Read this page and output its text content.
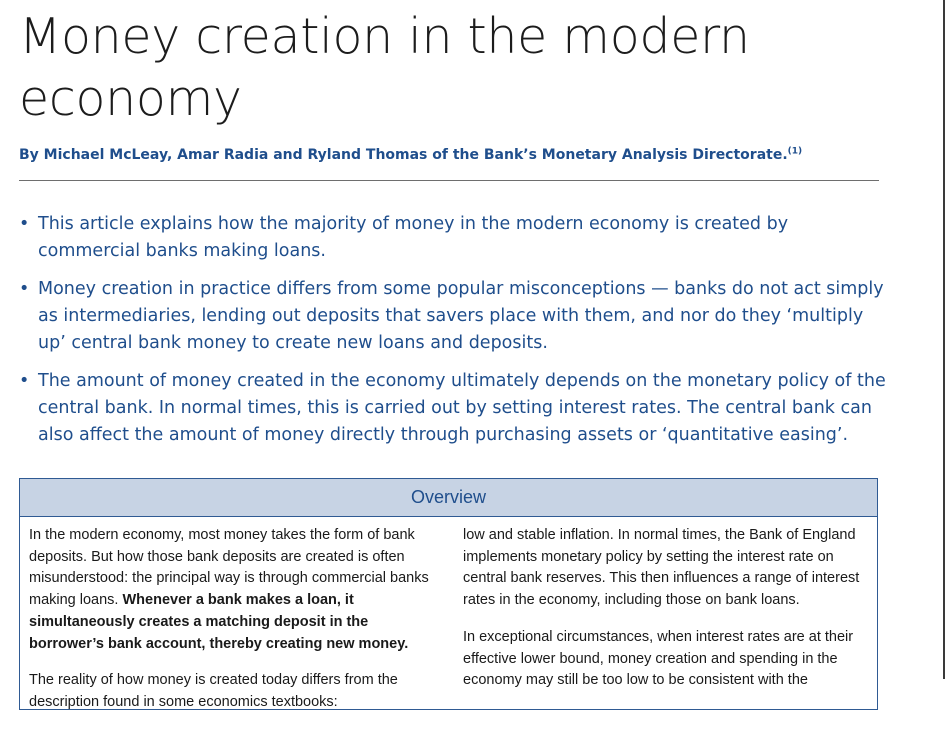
Money creation in the modern
economy
By Michael McLeay, Amar Radia and Ryland Thomas of the Bank’s Monetary Analysis Directorate.$^{(1)}$
• This article explains how the majority of money in the modern economy is created by commercial banks making loans.
• Money creation in practice differs from some popular misconceptions — banks do not act simply as intermediaries, lending out deposits that savers place with them, and nor do they ‘multiply up’ central bank money to create new loans and deposits.
• The amount of money created in the economy ultimately depends on the monetary policy of the central bank. In normal times, this is carried out by setting interest rates. The central bank can also affect the amount of money directly through purchasing assets or ‘quantitative easing’.
Overview

In the modern economy, most money takes the form of bank deposits. But how those bank deposits are created is often misunderstood: the principal way is through commercial banks making loans. Whenever a bank makes a loan, it simultaneously creates a matching deposit in the borrower’s bank account, thereby creating new money.

The reality of how money is created today differs from the description found in some economics textbooks:

low and stable inflation. In normal times, the Bank of England implements monetary policy by setting the interest rate on central bank reserves. This then influences a range of interest rates in the economy, including those on bank loans.

In exceptional circumstances, when interest rates are at their effective lower bound, money creation and spending in the economy may still be too low to be consistent with the
